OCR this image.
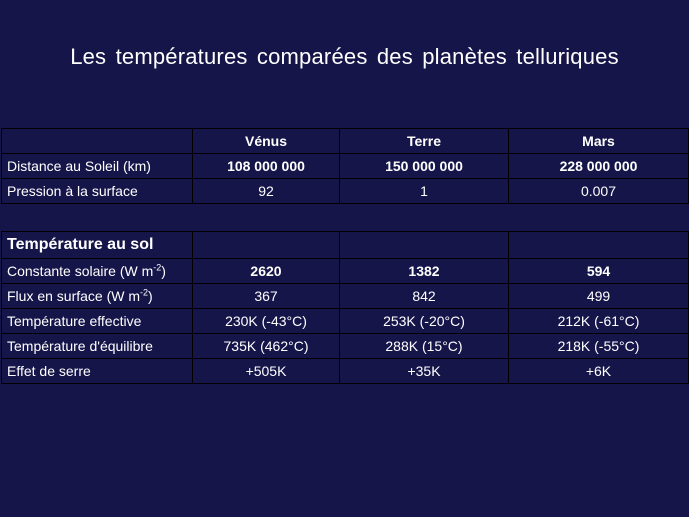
Les températures comparées des planètes telluriques
	Vénus	Terre	Mars
Distance au Soleil (km)	108 000 000	150 000 000	228 000 000
Pression à la surface	92	1	0.007
Température au sol			
Constante solaire (W $m^{-2}$)	2620	1382	594
Flux en surface (W $m^{-2}$)	367	842	499
Température effective	230K (-43°C)	253K (-20°C)	212K (-61°C)
Température d'équilibre	735K (462°C)	288K (15°C)	218K (-55°C)
Effet de serre	+505K	+35K	+6K
